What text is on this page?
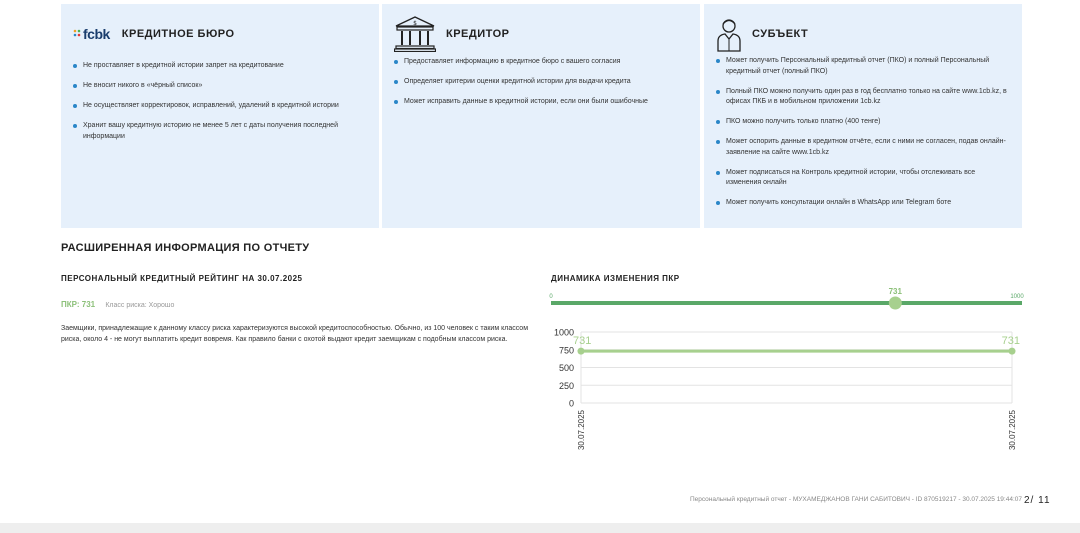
fcbk КРЕДИТНОЕ БЮРО
Не проставляет в кредитной истории запрет на кредитование
Не вносит никого в «чёрный список»
Не осуществляет корректировок, исправлений, удалений в кредитной истории
Хранит вашу кредитную историю не менее 5 лет с даты получения последней информации
$
КРЕДИТОР
Предоставляет информацию в кредитное бюро с вашего согласия
Определяет критерии оценки кредитной истории для выдачи кредита
Может исправить данные в кредитной истории, если они были ошибочные
СУБЪЕКТ
Может получить Персональный кредитный отчет (ПКО) и полный Персональный кредитный отчет (полный ПКО)
Полный ПКО можно получить один раз в год бесплатно только на сайте www.1cb.kz, в офисах ПКБ и в мобильном приложении 1cb.kz
ПКО можно получить только платно (400 тенге)
Может оспорить данные в кредитном отчёте, если с ними не согласен, подав онлайн-заявление на сайте www.1cb.kz
Может подписаться на Контроль кредитной истории, чтобы отслеживать все изменения онлайн
Может получить консультации онлайн в WhatsApp или Telegram боте
РАСШИРЕННАЯ ИНФОРМАЦИЯ ПО ОТЧЕТУ
ПЕРСОНАЛЬНЫЙ КРЕДИТНЫЙ РЕЙТИНГ НА 30.07.2025
ПКР: 731 Класс риска: Хорошо
Заемщики, принадлежащие к данному классу риска характеризуются высокой кредитоспособностью. Обычно, из 100 человек с таким классом риска, около 4 - не могут выплатить кредит вовремя. Как правило банки с охотой выдают кредит заемщикам с подобным классом риска.
ДИНАМИКА ИЗМЕНЕНИЯ ПКР
0	1000
731
0
250
500
750
1000
30.07.2025	30.07.2025
731	731
Персональный кредитный отчет - МУХАМЕДЖАНОВ ГАНИ САБИТОВИЧ - ID 870519217 - 30.07.2025 19:44:07 2/ 11
